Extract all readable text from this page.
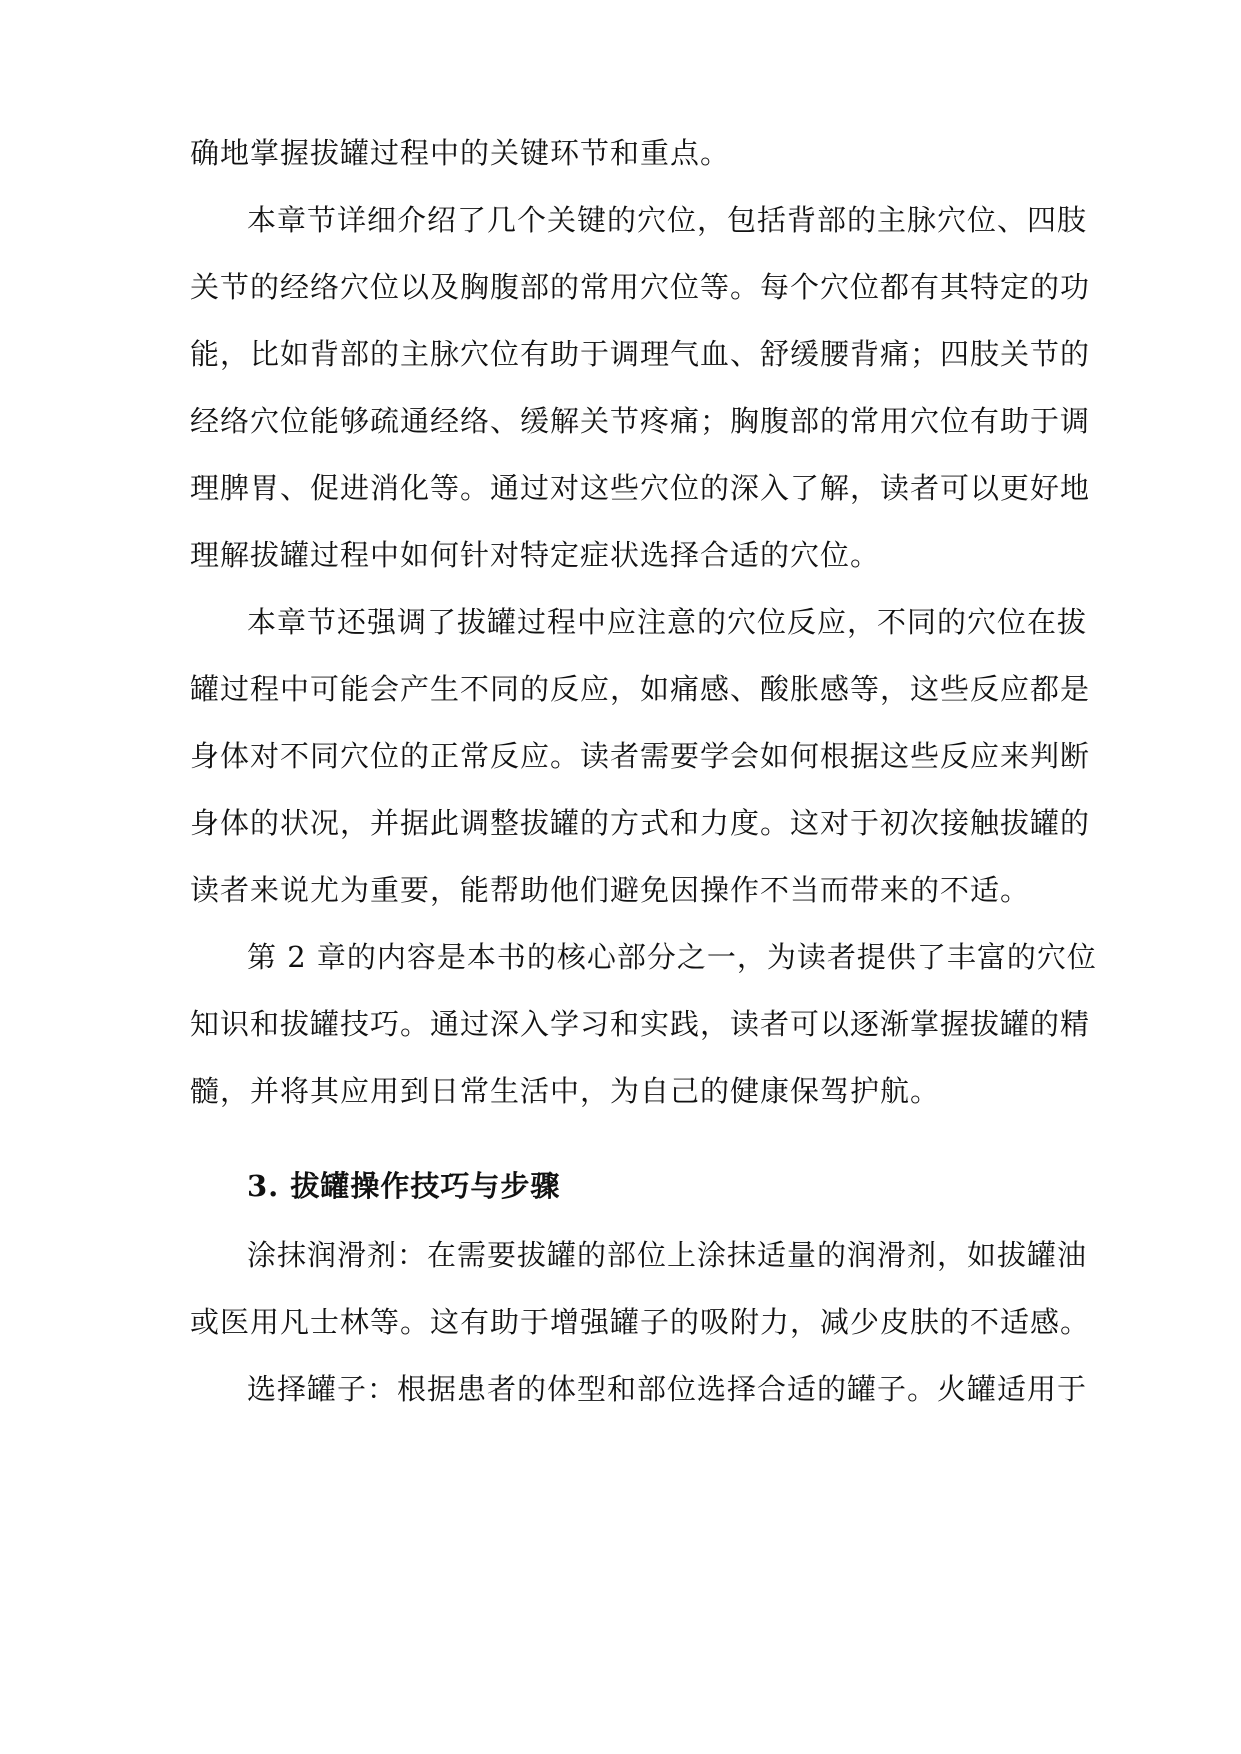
确地掌握拔罐过程中的关键环节和重点。

本章节详细介绍了几个关键的穴位，包括背部的主脉穴位、四肢

关节的经络穴位以及胸腹部的常用穴位等。每个穴位都有其特定的功

能，比如背部的主脉穴位有助于调理气血、舒缓腰背痛；四肢关节的

经络穴位能够疏通经络、缓解关节疼痛；胸腹部的常用穴位有助于调

理脾胃、促进消化等。通过对这些穴位的深入了解，读者可以更好地

理解拔罐过程中如何针对特定症状选择合适的穴位。

本章节还强调了拔罐过程中应注意的穴位反应，不同的穴位在拔

罐过程中可能会产生不同的反应，如痛感、酸胀感等，这些反应都是

身体对不同穴位的正常反应。读者需要学会如何根据这些反应来判断

身体的状况，并据此调整拔罐的方式和力度。这对于初次接触拔罐的

读者来说尤为重要，能帮助他们避免因操作不当而带来的不适。

第 2 章的内容是本书的核心部分之一，为读者提供了丰富的穴位

知识和拔罐技巧。通过深入学习和实践，读者可以逐渐掌握拔罐的精

髓，并将其应用到日常生活中，为自己的健康保驾护航。

3. 拔罐操作技巧与步骤

涂抹润滑剂：在需要拔罐的部位上涂抹适量的润滑剂，如拔罐油

或医用凡士林等。这有助于增强罐子的吸附力，减少皮肤的不适感。

选择罐子：根据患者的体型和部位选择合适的罐子。火罐适用于
